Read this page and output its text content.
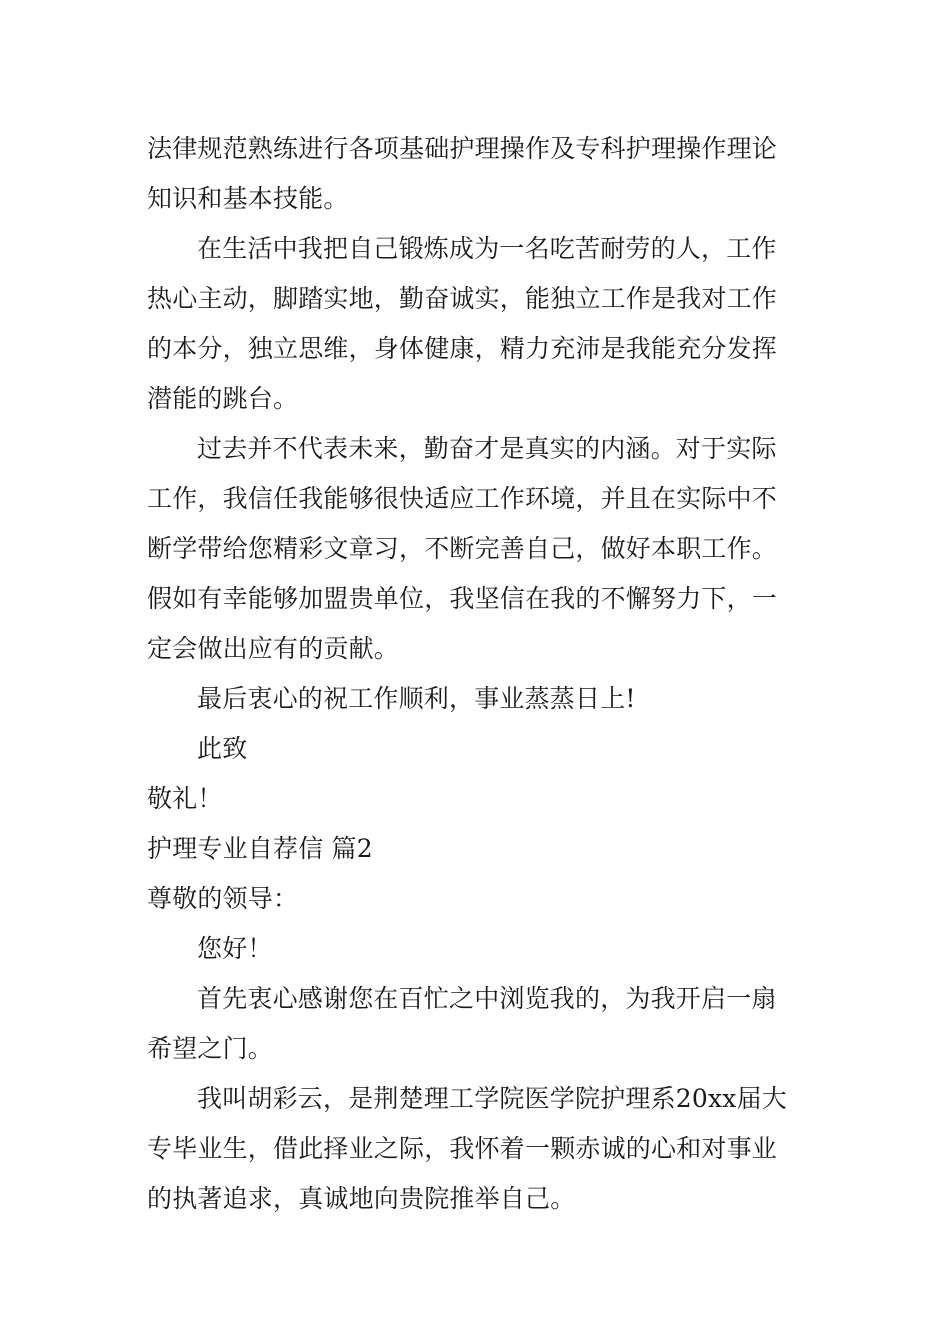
法律规范熟练进行各项基础护理操作及专科护理操作理论
知识和基本技能。
在生活中我把自己锻炼成为一名吃苦耐劳的人，工作
热心主动，脚踏实地，勤奋诚实，能独立工作是我对工作
的本分，独立思维，身体健康，精力充沛是我能充分发挥
潜能的跳台。
过去并不代表未来，勤奋才是真实的内涵。对于实际
工作，我信任我能够很快适应工作环境，并且在实际中不
断学带给您精彩文章习，不断完善自己，做好本职工作。
假如有幸能够加盟贵单位，我坚信在我的不懈努力下，一
定会做出应有的贡献。
最后衷心的祝工作顺利，事业蒸蒸日上!
此致
敬礼！
护理专业自荐信 篇2
尊敬的领导：
您好！
首先衷心感谢您在百忙之中浏览我的，为我开启一扇
希望之门。
我叫胡彩云，是荆楚理工学院医学院护理系20xx届大
专毕业生，借此择业之际，我怀着一颗赤诚的心和对事业
的执著追求，真诚地向贵院推举自己。
